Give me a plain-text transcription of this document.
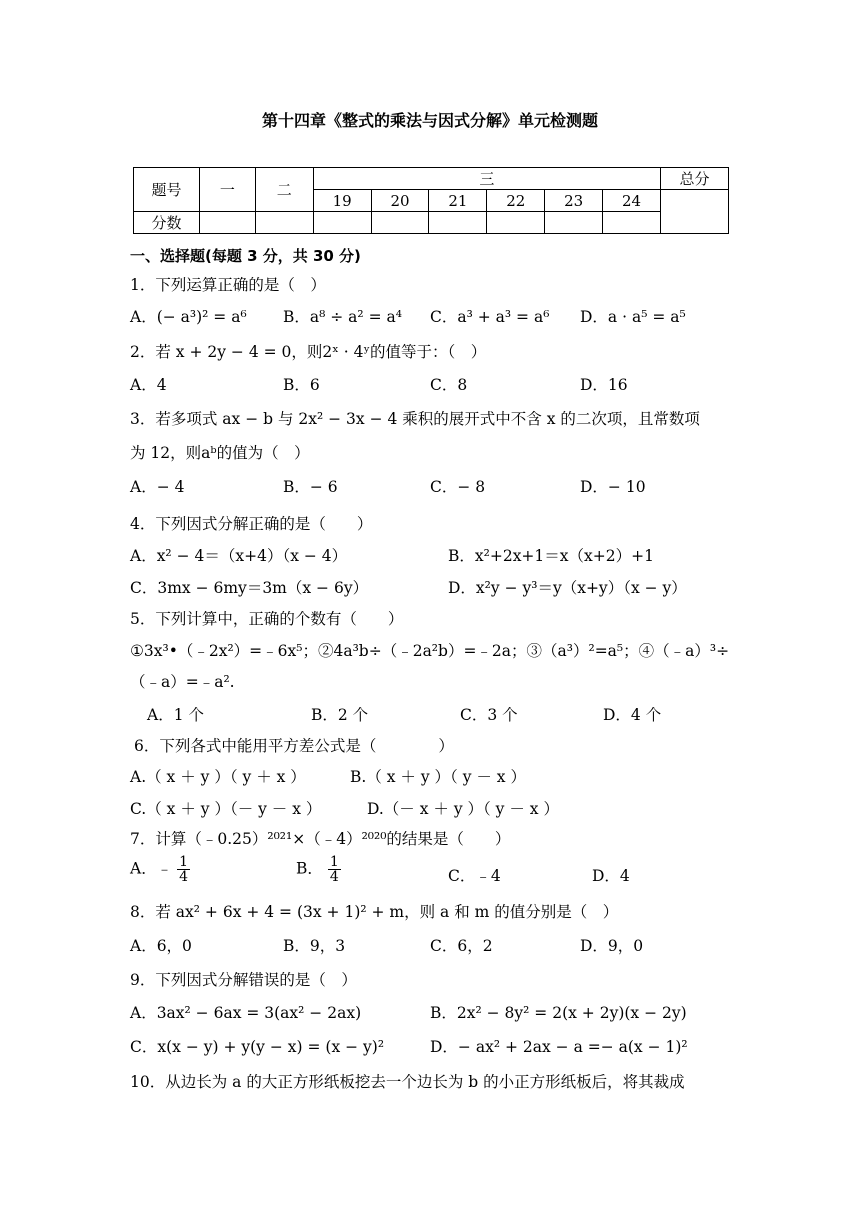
第十四章《整式的乘法与因式分解》单元检测题
题号	一	二	三						总分
			19	20	21	22	23	24	
分数									
一、选择题(每题 3 分，共 30 分)
1．下列运算正确的是（　）
A．(− a³)² = a⁶ B．a⁸ ÷ a² = a⁴ C．a³ + a³ = a⁶ D．a · a⁵ = a⁵
2．若 x + 2y − 4 = 0，则2ˣ · 4ʸ的值等于：（　）
A．4	B．6	C．8	D．16
3．若多项式 ax − b 与 2x² − 3x − 4 乘积的展开式中不含 x 的二次项，且常数项
为 12，则aᵇ的值为（　）
A．− 4	B．− 6	C．− 8	D．− 10
4．下列因式分解正确的是（　　）
A．x² − 4＝（x+4）（x − 4）	B．x²+2x+1＝x（x+2）+1
C．3mx − 6my＝3m（x − 6y）	D．x²y − y³＝y（x+y）（x − y）
5．下列计算中，正确的个数有（　　）
①3x³•（﹣2x²）=﹣6x⁵；②4a³b÷（﹣2a²b）=﹣2a；③（a³）²=a⁵；④（﹣a）³÷
（﹣a）=﹣a².
A．1 个	B．2 个	C．3 个	D．4 个
6．下列各式中能用平方差公式是（　　　　）
A.（ x ＋ y ）（ y ＋ x ）	B.（ x ＋ y ）（ y － x ）
C.（ x ＋ y ）（－ y － x ）	D.（－ x ＋ y ）（ y － x ）
7．计算（﹣0.25）²⁰²¹×（﹣4）²⁰²⁰的结果是（　　）
A．﹣ $\frac{1}{4}$	B． $\frac{1}{4}$	C．﹣4	D．4
8．若 ax² + 6x + 4 = (3x + 1)² + m，则 a 和 m 的值分别是（　）
A．6，0	B．9，3	C．6，2	D．9，0
9．下列因式分解错误的是（　）
A．3ax² − 6ax = 3(ax² − 2ax)	B．2x² − 8y² = 2(x + 2y)(x − 2y)
C．x(x − y) + y(y − x) = (x − y)²	D．− ax² + 2ax − a =− a(x − 1)²
10．从边长为 a 的大正方形纸板挖去一个边长为 b 的小正方形纸板后，将其裁成
